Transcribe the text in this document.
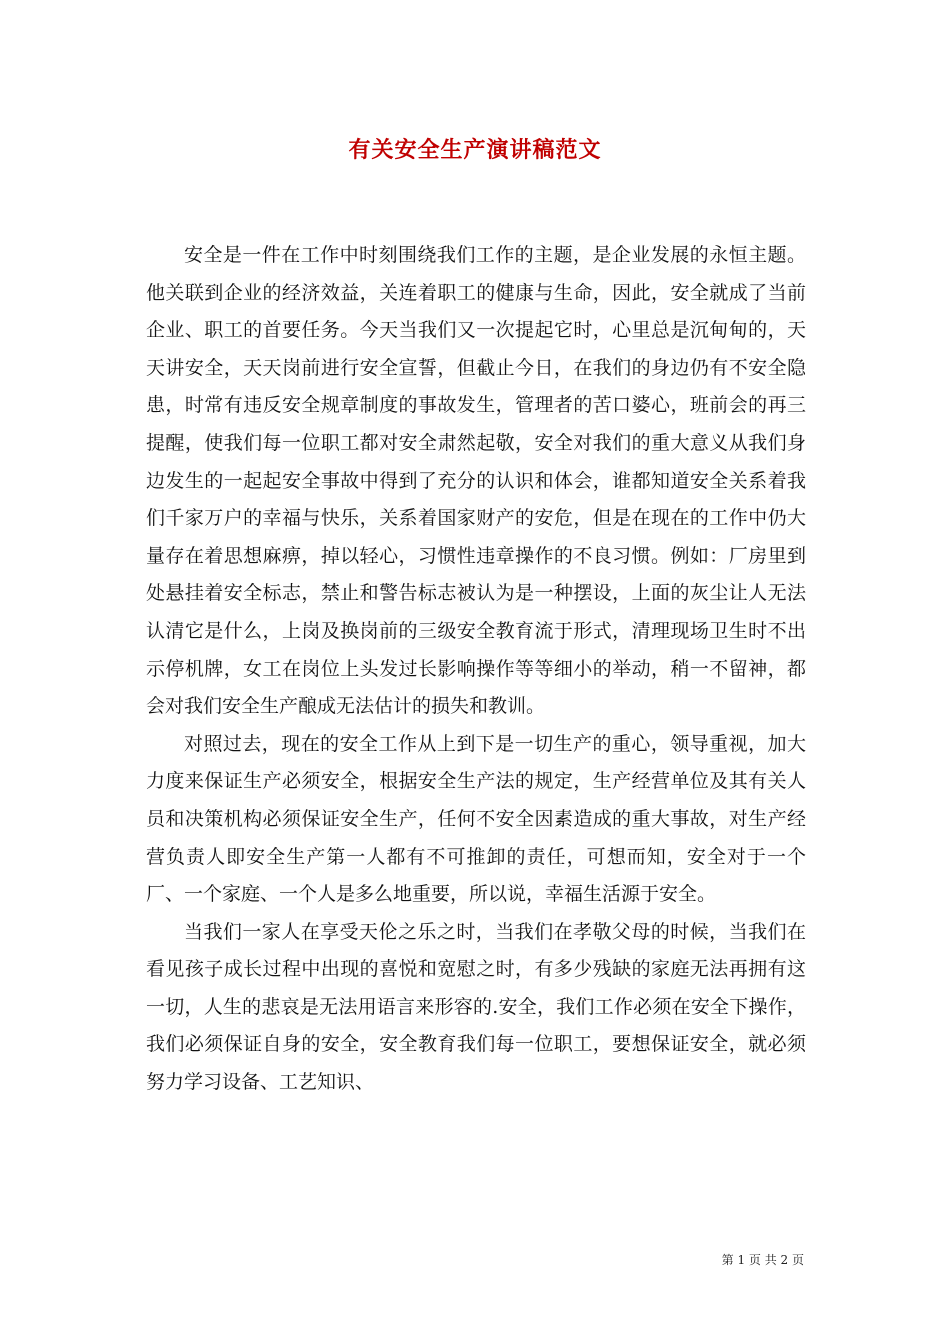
有关安全生产演讲稿范文

安全是一件在工作中时刻围绕我们工作的主题，是企业发展的永恒主题。他关联到企业的经济效益，关连着职工的健康与生命，因此，安全就成了当前企业、职工的首要任务。今天当我们又一次提起它时，心里总是沉甸甸的，天天讲安全，天天岗前进行安全宣誓，但截止今日，在我们的身边仍有不安全隐患，时常有违反安全规章制度的事故发生，管理者的苦口婆心，班前会的再三提醒，使我们每一位职工都对安全肃然起敬，安全对我们的重大意义从我们身边发生的一起起安全事故中得到了充分的认识和体会，谁都知道安全关系着我们千家万户的幸福与快乐，关系着国家财产的安危，但是在现在的工作中仍大量存在着思想麻痹，掉以轻心，习惯性违章操作的不良习惯。例如：厂房里到处悬挂着安全标志，禁止和警告标志被认为是一种摆设，上面的灰尘让人无法认清它是什么，上岗及换岗前的三级安全教育流于形式，清理现场卫生时不出示停机牌，女工在岗位上头发过长影响操作等等细小的举动，稍一不留神，都会对我们安全生产酿成无法估计的损失和教训。

对照过去，现在的安全工作从上到下是一切生产的重心，领导重视，加大力度来保证生产必须安全，根据安全生产法的规定，生产经营单位及其有关人员和决策机构必须保证安全生产，任何不安全因素造成的重大事故，对生产经营负责人即安全生产第一人都有不可推卸的责任，可想而知，安全对于一个厂、一个家庭、一个人是多么地重要，所以说，幸福生活源于安全。

当我们一家人在享受天伦之乐之时，当我们在孝敬父母的时候，当我们在看见孩子成长过程中出现的喜悦和宽慰之时，有多少残缺的家庭无法再拥有这一切，人生的悲哀是无法用语言来形容的.安全，我们工作必须在安全下操作，我们必须保证自身的安全，安全教育我们每一位职工，要想保证安全，就必须努力学习设备、工艺知识、

第 1 页 共 2 页
